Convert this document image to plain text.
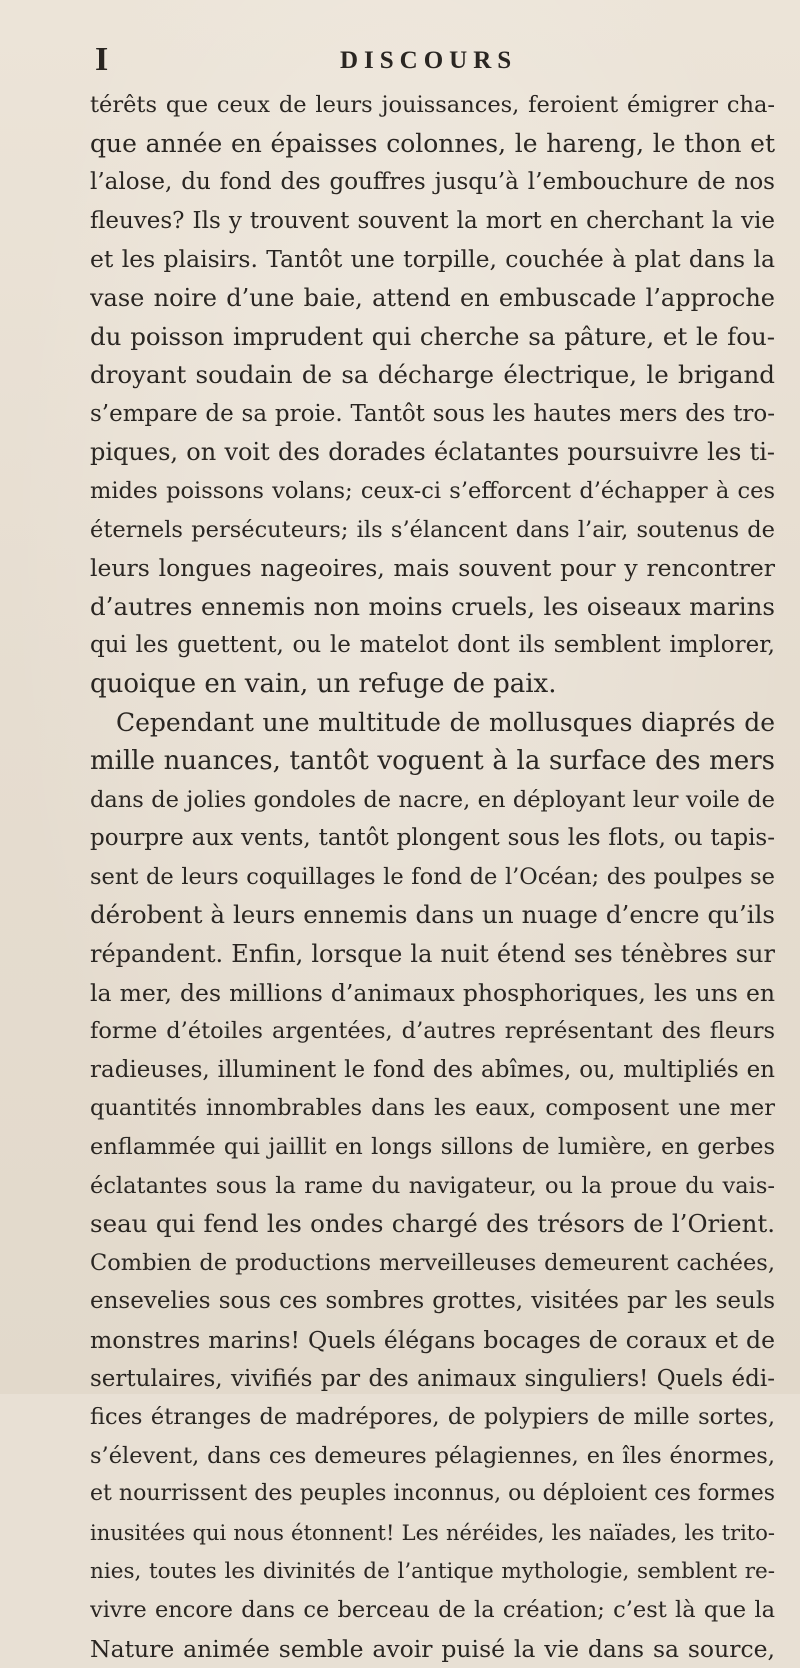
I	DISCOURS
térêts que ceux de leurs jouissances, feroient émigrer cha-
que année en épaisses colonnes, le hareng, le thon et
l’alose, du fond des gouffres jusqu’à l’embouchure de nos
fleuves? Ils y trouvent souvent la mort en cherchant la vie
et les plaisirs. Tantôt une torpille, couchée à plat dans la
vase noire d’une baie, attend en embuscade l’approche
du poisson imprudent qui cherche sa pâture, et le fou-
droyant soudain de sa décharge électrique, le brigand
s’empare de sa proie. Tantôt sous les hautes mers des tro-
piques, on voit des dorades éclatantes poursuivre les ti-
mides poissons volans; ceux-ci s’efforcent d’échapper à ces
éternels persécuteurs; ils s’élancent dans l’air, soutenus de
leurs longues nageoires, mais souvent pour y rencontrer
d’autres ennemis non moins cruels, les oiseaux marins
qui les guettent, ou le matelot dont ils semblent implorer,
quoique en vain, un refuge de paix.
Cependant une multitude de mollusques diaprés de
mille nuances, tantôt voguent à la surface des mers
dans de jolies gondoles de nacre, en déployant leur voile de
pourpre aux vents, tantôt plongent sous les flots, ou tapis-
sent de leurs coquillages le fond de l’Océan; des poulpes se
dérobent à leurs ennemis dans un nuage d’encre qu’ils
répandent. Enfin, lorsque la nuit étend ses ténèbres sur
la mer, des millions d’animaux phosphoriques, les uns en
forme d’étoiles argentées, d’autres représentant des fleurs
radieuses, illuminent le fond des abîmes, ou, multipliés en
quantités innombrables dans les eaux, composent une mer
enflammée qui jaillit en longs sillons de lumière, en gerbes
éclatantes sous la rame du navigateur, ou la proue du vais-
seau qui fend les ondes chargé des trésors de l’Orient.
Combien de productions merveilleuses demeurent cachées,
ensevelies sous ces sombres grottes, visitées par les seuls
monstres marins! Quels élégans bocages de coraux et de
sertulaires, vivifiés par des animaux singuliers! Quels édi-
fices étranges de madrépores, de polypiers de mille sortes,
s’élevent, dans ces demeures pélagiennes, en îles énormes,
et nourrissent des peuples inconnus, ou déploient ces formes
inusitées qui nous étonnent! Les néréides, les naïades, les trito-
nies, toutes les divinités de l’antique mythologie, semblent re-
vivre encore dans ce berceau de la création; c’est là que la
Nature animée semble avoir puisé la vie dans sa source,
